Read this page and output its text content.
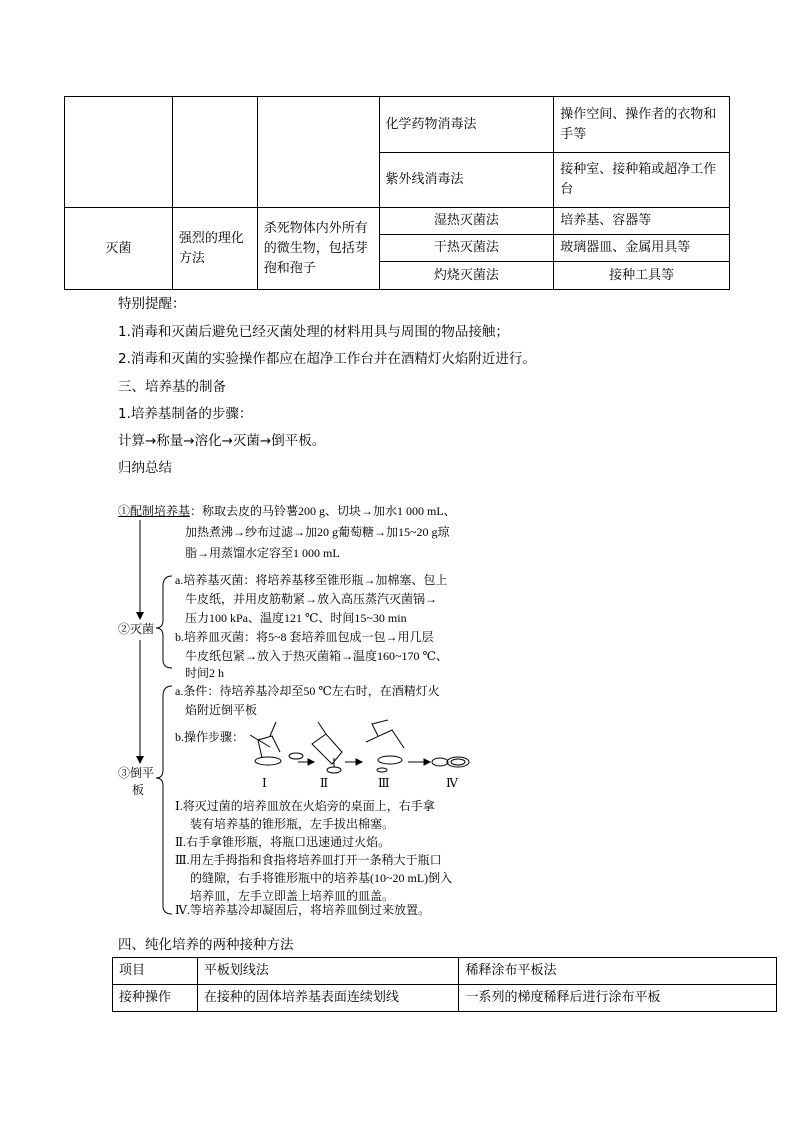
			化学药物消毒法	操作空间、操作者的衣物和手等
			紫外线消毒法	接种室、接种箱或超净工作台
灭菌	强烈的理化方法	杀死物体内外所有的微生物，包括芽孢和孢子	湿热灭菌法	培养基、容器等
			干热灭菌法	玻璃器皿、金属用具等
			灼烧灭菌法	接种工具等
特别提醒：
1.消毒和灭菌后避免已经灭菌处理的材料用具与周围的物品接触；
2.消毒和灭菌的实验操作都应在超净工作台并在酒精灯火焰附近进行。
三、培养基的制备
1.培养基制备的步骤：
计算→称量→溶化→灭菌→倒平板。
归纳总结
①配制培养基：称取去皮的马铃薯200 g、切块→加水1 000 mL、
加热煮沸→纱布过滤→加20 g葡萄糖→加15~20 g琼
脂→用蒸馏水定容至1 000 mL
②灭菌
a.培养基灭菌：将培养基移至锥形瓶→加棉塞、包上
牛皮纸，并用皮筋勒紧→放入高压蒸汽灭菌锅→
压力100 kPa、温度121 ℃、时间15~30 min
b.培养皿灭菌：将5~8 套培养皿包成一包→用几层
牛皮纸包紧→放入于热灭菌箱→温度160~170 ℃、
时间2 h
③倒平
板
a.条件：待培养基冷却至50 ℃左右时，在酒精灯火
焰附近倒平板
b.操作步骤：
Ⅰ	Ⅱ	Ⅲ	Ⅳ
Ⅰ.将灭过菌的培养皿放在火焰旁的桌面上，右手拿
装有培养基的锥形瓶，左手拔出棉塞。
Ⅱ.右手拿锥形瓶，将瓶口迅速通过火焰。
Ⅲ.用左手拇指和食指将培养皿打开一条稍大于瓶口
的缝隙，右手将锥形瓶中的培养基(10~20 mL)倒入
培养皿，左手立即盖上培养皿的皿盖。
Ⅳ.等培养基冷却凝固后，将培养皿倒过来放置。
四、纯化培养的两种接种方法
项目	平板划线法	稀释涂布平板法
接种操作	在接种的固体培养基表面连续划线	一系列的梯度稀释后进行涂布平板
